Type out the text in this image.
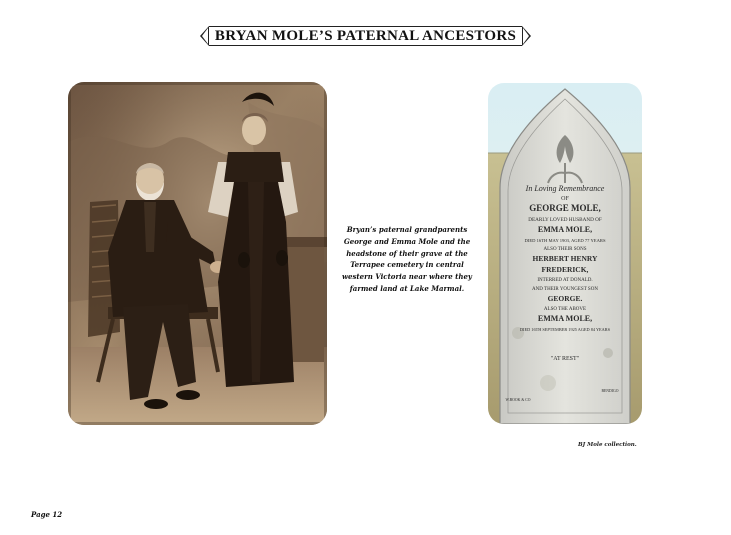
BRYAN MOLE’S PATERNAL ANCESTORS
Bryan’s paternal grandparents
George and Emma Mole and the
headstone of their grave at the
Terrapee cemetery in central
western Victoria near where they
farmed land at Lake Marmal.
In Loving Remembrance
OF
GEORGE MOLE,
DEARLY LOVED HUSBAND OF
EMMA MOLE,
DIED 16TH MAY 1903, AGED 77 YEARS
ALSO THEIR SONS
HERBERT HENRY
FREDERICK,
INTERRED AT DONALD.
AND THEIR YOUNGEST SON
GEORGE.
ALSO THE ABOVE
EMMA MOLE,
DIED 16TH SEPTEMBER 1925 AGED 84 YEARS
"AT REST"
W.BOOK & CO
BENDIGO
BJ Mole collection.
Page 12
